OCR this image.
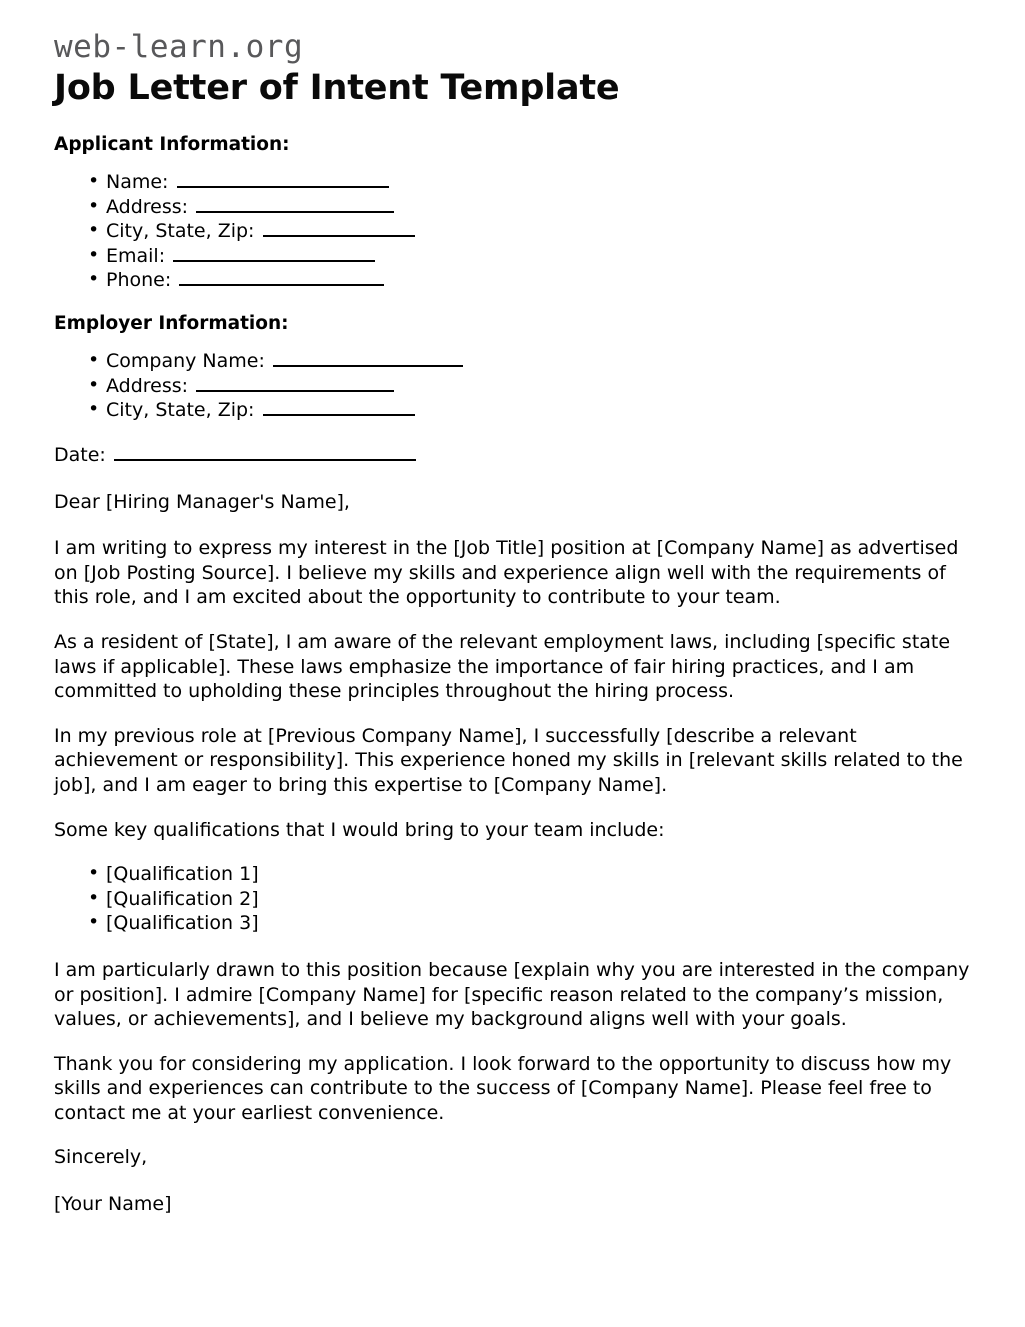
web-learn.org
Job Letter of Intent Template
Applicant Information:
• Name:
• Address:
• City, State, Zip:
• Email:
• Phone:
Employer Information:
• Company Name:
• Address:
• City, State, Zip:

Date:

Dear [Hiring Manager's Name],

I am writing to express my interest in the [Job Title] position at [Company Name] as advertised on [Job Posting Source]. I believe my skills and experience align well with the requirements of this role, and I am excited about the opportunity to contribute to your team.

As a resident of [State], I am aware of the relevant employment laws, including [specific state laws if applicable]. These laws emphasize the importance of fair hiring practices, and I am committed to upholding these principles throughout the hiring process.

In my previous role at [Previous Company Name], I successfully [describe a relevant achievement or responsibility]. This experience honed my skills in [relevant skills related to the job], and I am eager to bring this expertise to [Company Name].

Some key qualifications that I would bring to your team include:

• [Qualification 1]
• [Qualification 2]
• [Qualification 3]

I am particularly drawn to this position because [explain why you are interested in the company or position]. I admire [Company Name] for [specific reason related to the company’s mission, values, or achievements], and I believe my background aligns well with your goals.

Thank you for considering my application. I look forward to the opportunity to discuss how my skills and experiences can contribute to the success of [Company Name]. Please feel free to contact me at your earliest convenience.

Sincerely,

[Your Name]
